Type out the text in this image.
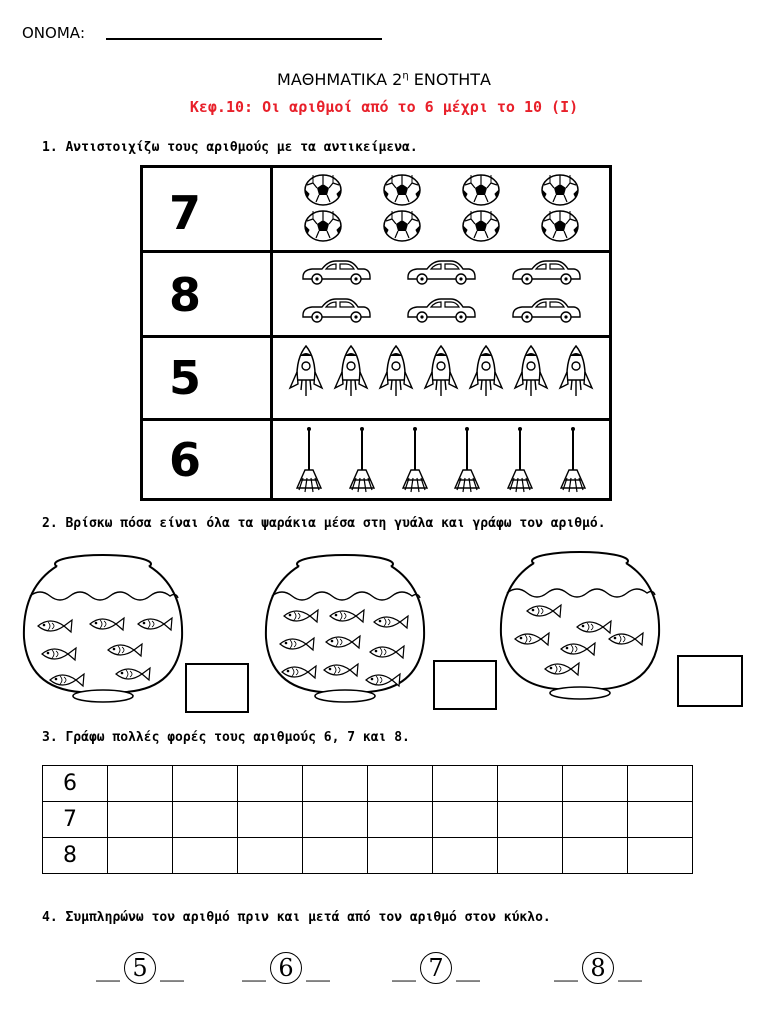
ΟΝΟΜΑ:
ΜΑΘΗΜΑΤΙΚΑ $2^\eta$ ΕΝΟΤΗΤΑ
Κεφ.10: Οι αριθμοί από το 6 μέχρι το 10 (Ι)
1. Αντιστοιχίζω τους αριθμούς με τα αντικείμενα.
7
8
5
6
2. Βρίσκω πόσα είναι όλα τα ψαράκια μέσα στη γυάλα και γράφω τον αριθμό.
3. Γράφω πολλές φορές τους αριθμούς 6, 7 και 8.
6									
7									
8									
4. Συμπληρώνω τον αριθμό πριν και μετά από τον αριθμό στον κύκλο.
__ 5 __ __ 6 __	__ 7 __	__ 8 __
